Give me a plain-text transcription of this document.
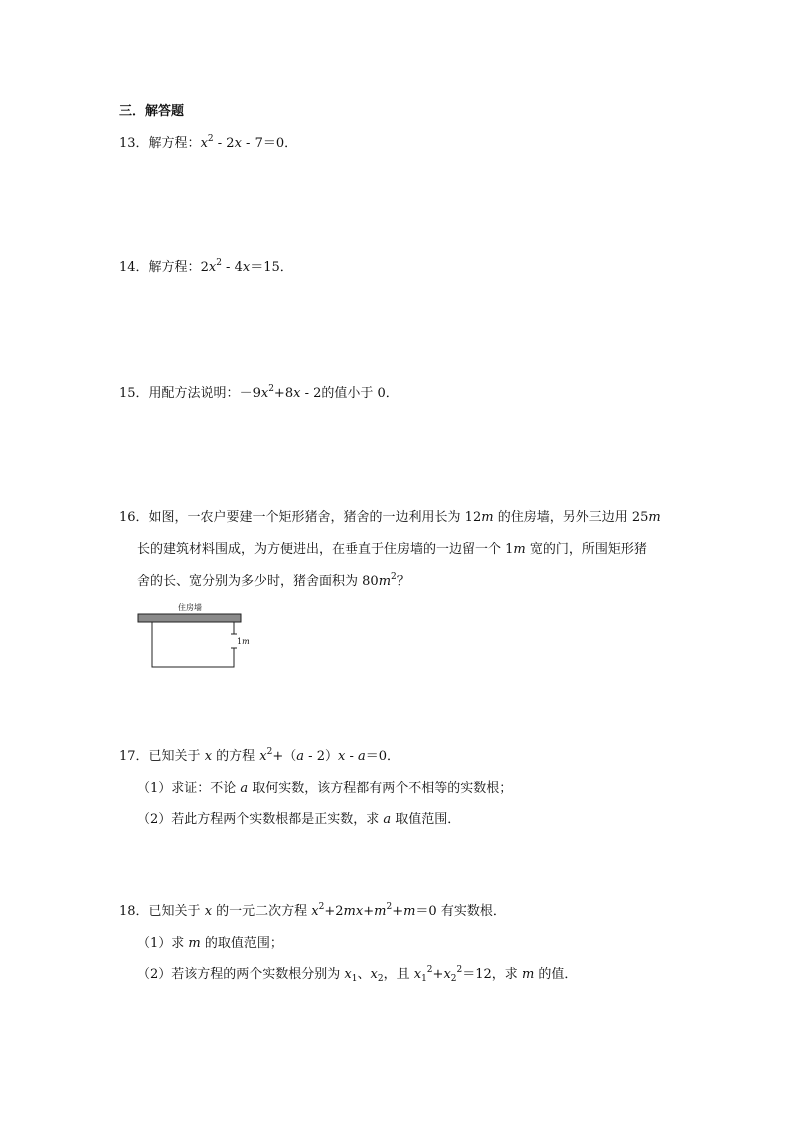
三．解答题
13．解方程：$x^2 - 2x - 7=0$．
14．解方程：$2x^2 - 4x=15$．
15．用配方法说明：$-9x^2+8x - 2$的值小于 0．
16．如图，一农户要建一个矩形猪舍，猪舍的一边利用长为 12m 的住房墙，另外三边用 25m
长的建筑材料围成，为方便进出，在垂直于住房墙的一边留一个 1m 宽的门，所围矩形猪
舍的长、宽分别为多少时，猪舍面积为 $80m^2$？
住房墙
1m
17．已知关于 x 的方程 $x^2+(a - 2)x - a=0$．
（1）求证：不论 a 取何实数，该方程都有两个不相等的实数根；
（2）若此方程两个实数根都是正实数，求 a 取值范围．
18．已知关于 x 的一元二次方程 $x^2+2mx+m^2+m=0$ 有实数根．
（1）求 m 的取值范围；
（2）若该方程的两个实数根分别为 $x_1$、$x_2$，且 $x_1^2+x_2^2=12$，求 m 的值．
